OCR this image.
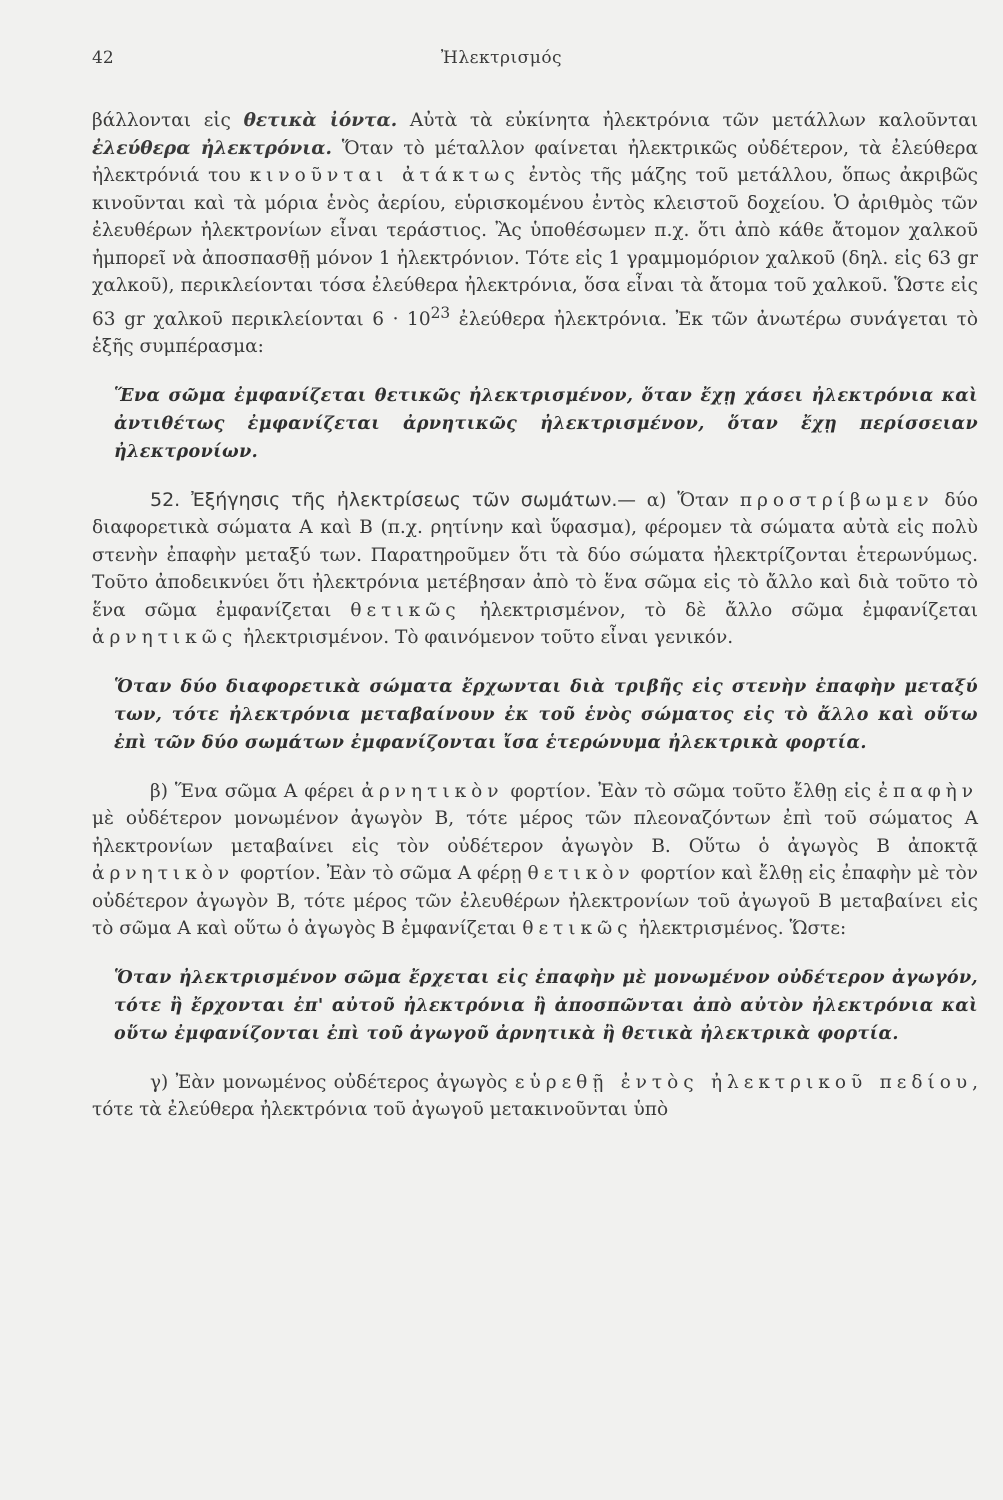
42	Ἠλεκτρισμός

βάλλονται εἰς θετικὰ ἰόντα. Αὐτὰ τὰ εὐκίνητα ἠλεκτρόνια τῶν μετάλλων καλοῦνται ἐλεύθερα ἠλεκτρόνια. Ὅταν τὸ μέταλλον φαίνεται ἠλεκτρικῶς οὐδέτερον, τὰ ἐλεύθερα ἠλεκτρόνιά του κινοῦνται ἀτάκτως ἐντὸς τῆς μάζης τοῦ μετάλλου, ὅπως ἀκριβῶς κινοῦνται καὶ τὰ μόρια ἑνὸς ἀερίου, εὑρισκομένου ἐντὸς κλειστοῦ δοχείου. Ὁ ἀριθμὸς τῶν ἐλευθέρων ἠλεκτρονίων εἶναι τεράστιος. Ἂς ὑποθέσωμεν π.χ. ὅτι ἀπὸ κάθε ἄτομον χαλκοῦ ἠμπορεῖ νὰ ἀποσπασθῇ μόνον 1 ἠλεκτρόνιον. Τότε εἰς 1 γραμμομόριον χαλκοῦ (δηλ. εἰς 63 gr χαλκοῦ), περικλείονται τόσα ἐλεύθερα ἠλεκτρόνια, ὅσα εἶναι τὰ ἄτομα τοῦ χαλκοῦ. Ὥστε εἰς 63 gr χαλκοῦ περικλείονται $6 \cdot 10^{23}$ ἐλεύθερα ἠλεκτρόνια. Ἐκ τῶν ἀνωτέρω συνάγεται τὸ ἑξῆς συμπέρασμα:

Ἕνα σῶμα ἐμφανίζεται θετικῶς ἠλεκτρισμένον, ὅταν ἔχῃ χάσει ἠλεκτρόνια καὶ ἀντιθέτως ἐμφανίζεται ἀρνητικῶς ἠλεκτρισμένον, ὅταν ἔχῃ περίσσειαν ἠλεκτρονίων.

52. Ἐξήγησις τῆς ἠλεκτρίσεως τῶν σωμάτων.— α) Ὅταν προστρίβωμεν δύο διαφορετικὰ σώματα Α καὶ Β (π.χ. ρητίνην καὶ ὕφασμα), φέρομεν τὰ σώματα αὐτὰ εἰς πολὺ στενὴν ἐπαφὴν μεταξύ των. Παρατηροῦμεν ὅτι τὰ δύο σώματα ἠλεκτρίζονται ἑτερωνύμως. Τοῦτο ἀποδεικνύει ὅτι ἠλεκτρόνια μετέβησαν ἀπὸ τὸ ἕνα σῶμα εἰς τὸ ἄλλο καὶ διὰ τοῦτο τὸ ἕνα σῶμα ἐμφανίζεται θετικῶς ἠλεκτρισμένον, τὸ δὲ ἄλλο σῶμα ἐμφανίζεται ἀρνητικῶς ἠλεκτρισμένον. Τὸ φαινόμενον τοῦτο εἶναι γενικόν.

Ὅταν δύο διαφορετικὰ σώματα ἔρχωνται διὰ τριβῆς εἰς στενὴν ἐπαφὴν μεταξύ των, τότε ἠλεκτρόνια μεταβαίνουν ἐκ τοῦ ἑνὸς σώματος εἰς τὸ ἄλλο καὶ οὕτω ἐπὶ τῶν δύο σωμάτων ἐμφανίζονται ἴσα ἑτερώνυμα ἠλεκτρικὰ φορτία.

β) Ἕνα σῶμα Α φέρει ἀρνητικὸν φορτίον. Ἐὰν τὸ σῶμα τοῦτο ἔλθῃ εἰς ἐπαφὴν μὲ οὐδέτερον μονωμένον ἀγωγὸν Β, τότε μέρος τῶν πλεοναζόντων ἐπὶ τοῦ σώματος Α ἠλεκτρονίων μεταβαίνει εἰς τὸν οὐδέτερον ἀγωγὸν Β. Οὕτω ὁ ἀγωγὸς Β ἀποκτᾷ ἀρνητικὸν φορτίον. Ἐὰν τὸ σῶμα Α φέρῃ θετικὸν φορτίον καὶ ἔλθῃ εἰς ἐπαφὴν μὲ τὸν οὐδέτερον ἀγωγὸν Β, τότε μέρος τῶν ἐλευθέρων ἠλεκτρονίων τοῦ ἀγωγοῦ Β μεταβαίνει εἰς τὸ σῶμα Α καὶ οὕτω ὁ ἀγωγὸς Β ἐμφανίζεται θετικῶς ἠλεκτρισμένος. Ὥστε:

Ὅταν ἠλεκτρισμένον σῶμα ἔρχεται εἰς ἐπαφὴν μὲ μονωμένον οὐδέτερον ἀγωγόν, τότε ἢ ἔρχονται ἐπ' αὐτοῦ ἠλεκτρόνια ἢ ἀποσπῶνται ἀπὸ αὐτὸν ἠλεκτρόνια καὶ οὕτω ἐμφανίζονται ἐπὶ τοῦ ἀγωγοῦ ἀρνητικὰ ἢ θετικὰ ἠλεκτρικὰ φορτία.

γ) Ἐὰν μονωμένος οὐδέτερος ἀγωγὸς εὑρεθῇ ἐντὸς ἠλεκτρικοῦ πεδίου, τότε τὰ ἐλεύθερα ἠλεκτρόνια τοῦ ἀγωγοῦ μετακινοῦνται ὑπὸ
